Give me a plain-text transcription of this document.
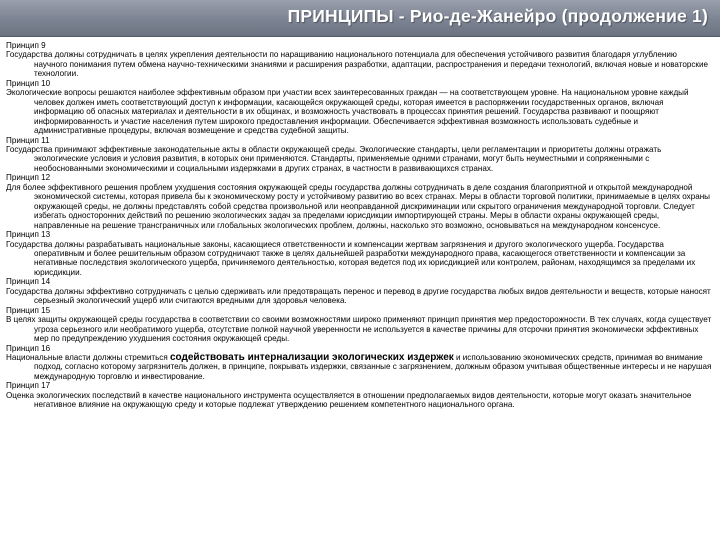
ПРИНЦИПЫ - Рио-де-Жанейро (продолжение 1)
Принцип 9

Государства должны сотрудничать в целях укрепления деятельности по наращиванию национального потенциала для обеспечения устойчивого развития благодаря углублению научного понимания путем обмена научно-техническими знаниями и расширения разработки, адаптации, распространения и передачи технологий, включая новые и новаторские технологии.

Принцип 10

Экологические вопросы решаются наиболее эффективным образом при участии всех заинтересованных граждан — на соответствующем уровне. На национальном уровне каждый человек должен иметь соответствующий доступ к информации, касающейся окружающей среды, которая имеется в распоряжении государственных органов, включая информацию об опасных материалах и деятельности в их общинах, и возможность участвовать в процессах принятия решений. Государства развивают и поощряют информированность и участие населения путем широкого предоставления информации. Обеспечивается эффективная возможность использовать судебные и административные процедуры, включая возмещение и средства судебной защиты.

Принцип 11

Государства принимают эффективные законодательные акты в области окружающей среды. Экологические стандарты, цели регламентации и приоритеты должны отражать экологические условия и условия развития, в которых они применяются. Стандарты, применяемые одними странами, могут быть неуместными и сопряженными с необоснованными экономическими и социальными издержками в других странах, в частности в развивающихся странах.

Принцип 12

Для более эффективного решения проблем ухудшения состояния окружающей среды государства должны сотрудничать в деле создания благоприятной и открытой международной экономической системы, которая привела бы к экономическому росту и устойчивому развитию во всех странах. Меры в области торговой политики, принимаемые в целях охраны окружающей среды, не должны представлять собой средства произвольной или неоправданной дискриминации или скрытого ограничения международной торговли. Следует избегать односторонних действий по решению экологических задач за пределами юрисдикции импортирующей страны. Меры в области охраны окружающей среды, направленные на решение трансграничных или глобальных экологических проблем, должны, насколько это возможно, основываться на международном консенсусе.

Принцип 13

Государства должны разрабатывать национальные законы, касающиеся ответственности и компенсации жертвам загрязнения и другого экологического ущерба. Государства оперативным и более решительным образом сотрудничают также в целях дальнейшей разработки международного права, касающегося ответственности и компенсации за негативные последствия экологического ущерба, причиняемого деятельностью, которая ведется под их юрисдикцией или контролем, районам, находящимся за пределами их юрисдикции.

Принцип 14

Государства должны эффективно сотрудничать с целью сдерживать или предотвращать перенос и перевод в другие государства любых видов деятельности и веществ, которые наносят серьезный экологический ущерб или считаются вредными для здоровья человека.

Принцип 15

В целях защиты окружающей среды государства в соответствии со своими возможностями широко применяют принцип принятия мер предосторожности. В тех случаях, когда существует угроза серьезного или необратимого ущерба, отсутствие полной научной уверенности не используется в качестве причины для отсрочки принятия экономически эффективных мер по предупреждению ухудшения состояния окружающей среды.

Принцип 16

Национальные власти должны стремиться содействовать интернализации экологических издержек и использованию экономических средств, принимая во внимание подход, согласно которому загрязнитель должен, в принципе, покрывать издержки, связанные с загрязнением, должным образом учитывая общественные интересы и не нарушая международную торговлю и инвестирование.

Принцип 17

Оценка экологических последствий в качестве национального инструмента осуществляется в отношении предполагаемых видов деятельности, которые могут оказать значительное негативное влияние на окружающую среду и которые подлежат утверждению решением компетентного национального органа.
